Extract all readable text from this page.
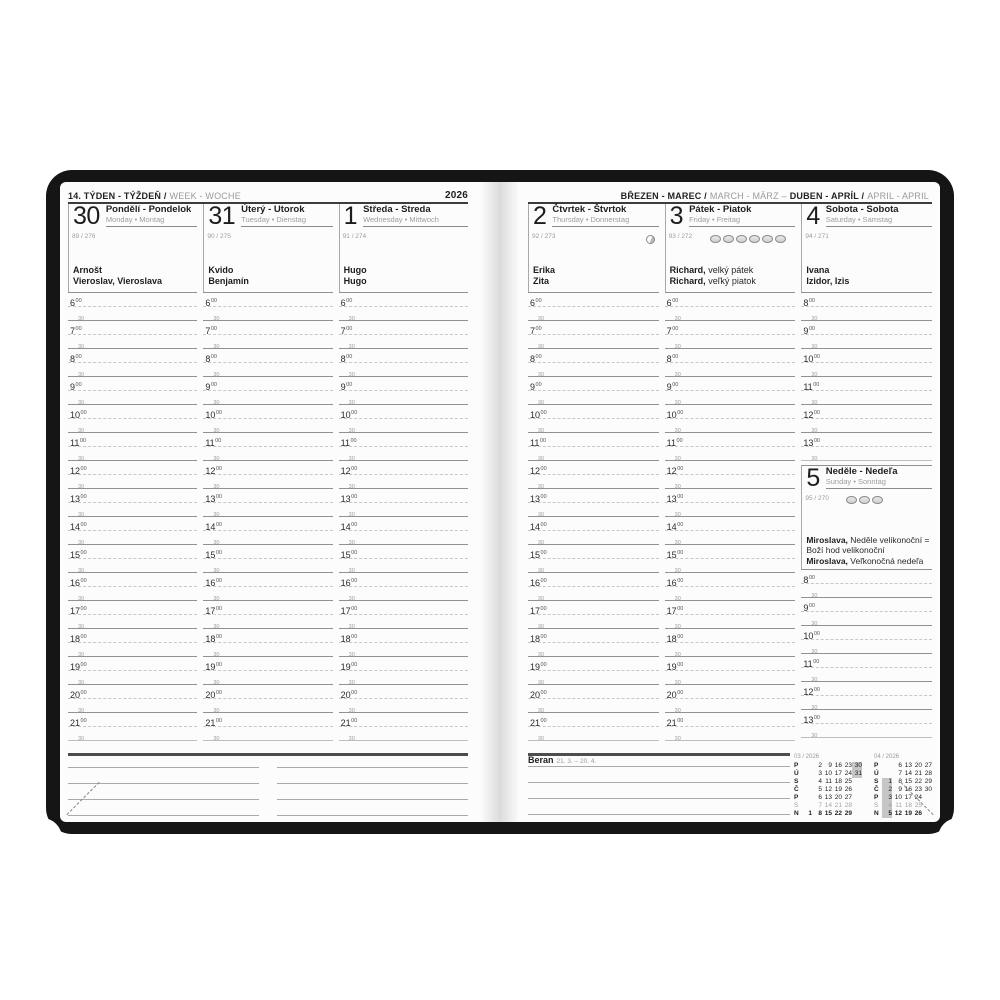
14. TÝDEN - TÝŽDEŇ / WEEK - WOCHE	2026
30 Pondělí - Pondelok
Monday • Montag
89 / 276
Arnošt
Vieroslav, Vieroslava
$6^{00}$
30
$7^{00}$
30
$8^{00}$
30
$9^{00}$
30
$10^{00}$
30
$11^{00}$
30
$12^{00}$
30
$13^{00}$
30
$14^{00}$
30
$15^{00}$
30
$16^{00}$
30
$17^{00}$
30
$18^{00}$
30
$19^{00}$
30
$20^{00}$
30
$21^{00}$
30
31 Úterý - Utorok
Tuesday • Dienstag
90 / 275
Kvido
Benjamín
$6^{00}$
30
$7^{00}$
30
$8^{00}$
30
$9^{00}$
30
$10^{00}$
30
$11^{00}$
30
$12^{00}$
30
$13^{00}$
30
$14^{00}$
30
$15^{00}$
30
$16^{00}$
30
$17^{00}$
30
$18^{00}$
30
$19^{00}$
30
$20^{00}$
30
$21^{00}$
30
1 Středa - Streda
Wednesday • Mittwoch
91 / 274
Hugo
Hugo
$6^{00}$
30
$7^{00}$
30
$8^{00}$
30
$9^{00}$
30
$10^{00}$
30
$11^{00}$
30
$12^{00}$
30
$13^{00}$
30
$14^{00}$
30
$15^{00}$
30
$16^{00}$
30
$17^{00}$
30
$18^{00}$
30
$19^{00}$
30
$20^{00}$
30
$21^{00}$
30
BŘEZEN - MAREC / MARCH - MÄRZ – DUBEN - APRÍL / APRIL - APRIL
2 Čtvrtek - Štvrtok
Thursday • Donnerstag
92 / 273
Erika
Zita
$6^{00}$
30
$7^{00}$
30
$8^{00}$
30
$9^{00}$
30
$10^{00}$
30
$11^{00}$
30
$12^{00}$
30
$13^{00}$
30
$14^{00}$
30
$15^{00}$
30
$16^{00}$
30
$17^{00}$
30
$18^{00}$
30
$19^{00}$
30
$20^{00}$
30
$21^{00}$
30
3 Pátek - Piatok
Friday • Freitag
93 / 272
Richard, velký pátek
Richard, veľký piatok
$6^{00}$
30
$7^{00}$
30
$8^{00}$
30
$9^{00}$
30
$10^{00}$
30
$11^{00}$
30
$12^{00}$
30
$13^{00}$
30
$14^{00}$
30
$15^{00}$
30
$16^{00}$
30
$17^{00}$
30
$18^{00}$
30
$19^{00}$
30
$20^{00}$
30
$21^{00}$
30
4 Sobota - Sobota
Saturday • Samstag
94 / 271
Ivana
Izidor, Izis
$8^{00}$
30
$9^{00}$
30
$10^{00}$
30
$11^{00}$
30
$12^{00}$
30
$13^{00}$
30
5 Neděle - Nedeľa
Sunday • Sonntag
95 / 270
Miroslava, Neděle velikonoční = Boží hod velikonoční
Miroslava, Veľkonočná nedeľa
$8^{00}$
30
$9^{00}$
30
$10^{00}$
30
$11^{00}$
30
$12^{00}$
30
$13^{00}$
30
Beran 21. 3. – 20. 4.
03 / 2026
P	2 9 16 23 30
Ú	3 10 17 24 31
S	4 11 18 25
Č	5 12 19 26
P	6 13 20 27
S	7 14 21 28
N 1 8 15 22 29
04 / 2026
P	6 13 20 27
Ú	7 14 21 28
S 1 8 15 22 29
Č 2 9 16 23 30
P 3 10 17 24
S 4 11 18 25
N 5 12 19 26
